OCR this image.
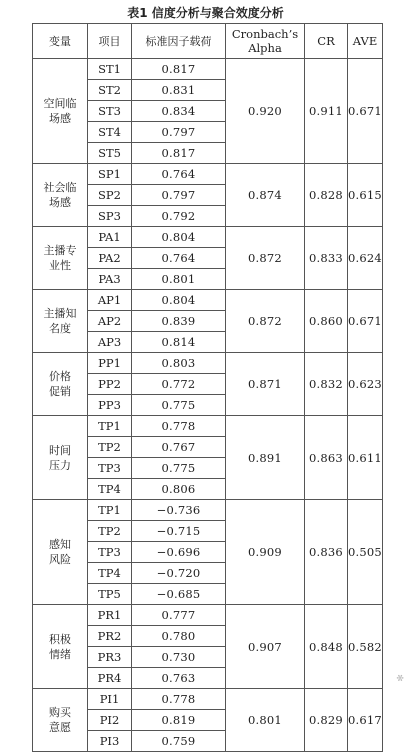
表1 信度分析与聚合效度分析
变量	项目	标准因子载荷	Cronbach’s Alpha	CR	AVE
空间临
场感	ST1	0.817	0.920	0.911	0.671
	ST2	0.831			
	ST3	0.834			
	ST4	0.797			
	ST5	0.817			
社会临
场感	SP1	0.764	0.874	0.828	0.615
	SP2	0.797			
	SP3	0.792			
主播专
业性	PA1	0.804	0.872	0.833	0.624
	PA2	0.764			
	PA3	0.801			
主播知
名度	AP1	0.804	0.872	0.860	0.671
	AP2	0.839			
	AP3	0.814			
价格
促销	PP1	0.803	0.871	0.832	0.623
	PP2	0.772			
	PP3	0.775			
时间
压力	TP1	0.778	0.891	0.863	0.611
	TP2	0.767			
	TP3	0.775			
	TP4	0.806			
感知
风险	TP1	−0.736	0.909	0.836	0.505
	TP2	−0.715			
	TP3	−0.696			
	TP4	−0.720			
	TP5	−0.685			
积极
情绪	PR1	0.777	0.907	0.848	0.582
	PR2	0.780			
	PR3	0.730			
	PR4	0.763			
购买
意愿	PI1	0.778	0.801	0.829	0.617
	PI2	0.819			
	PI3	0.759			
✻
